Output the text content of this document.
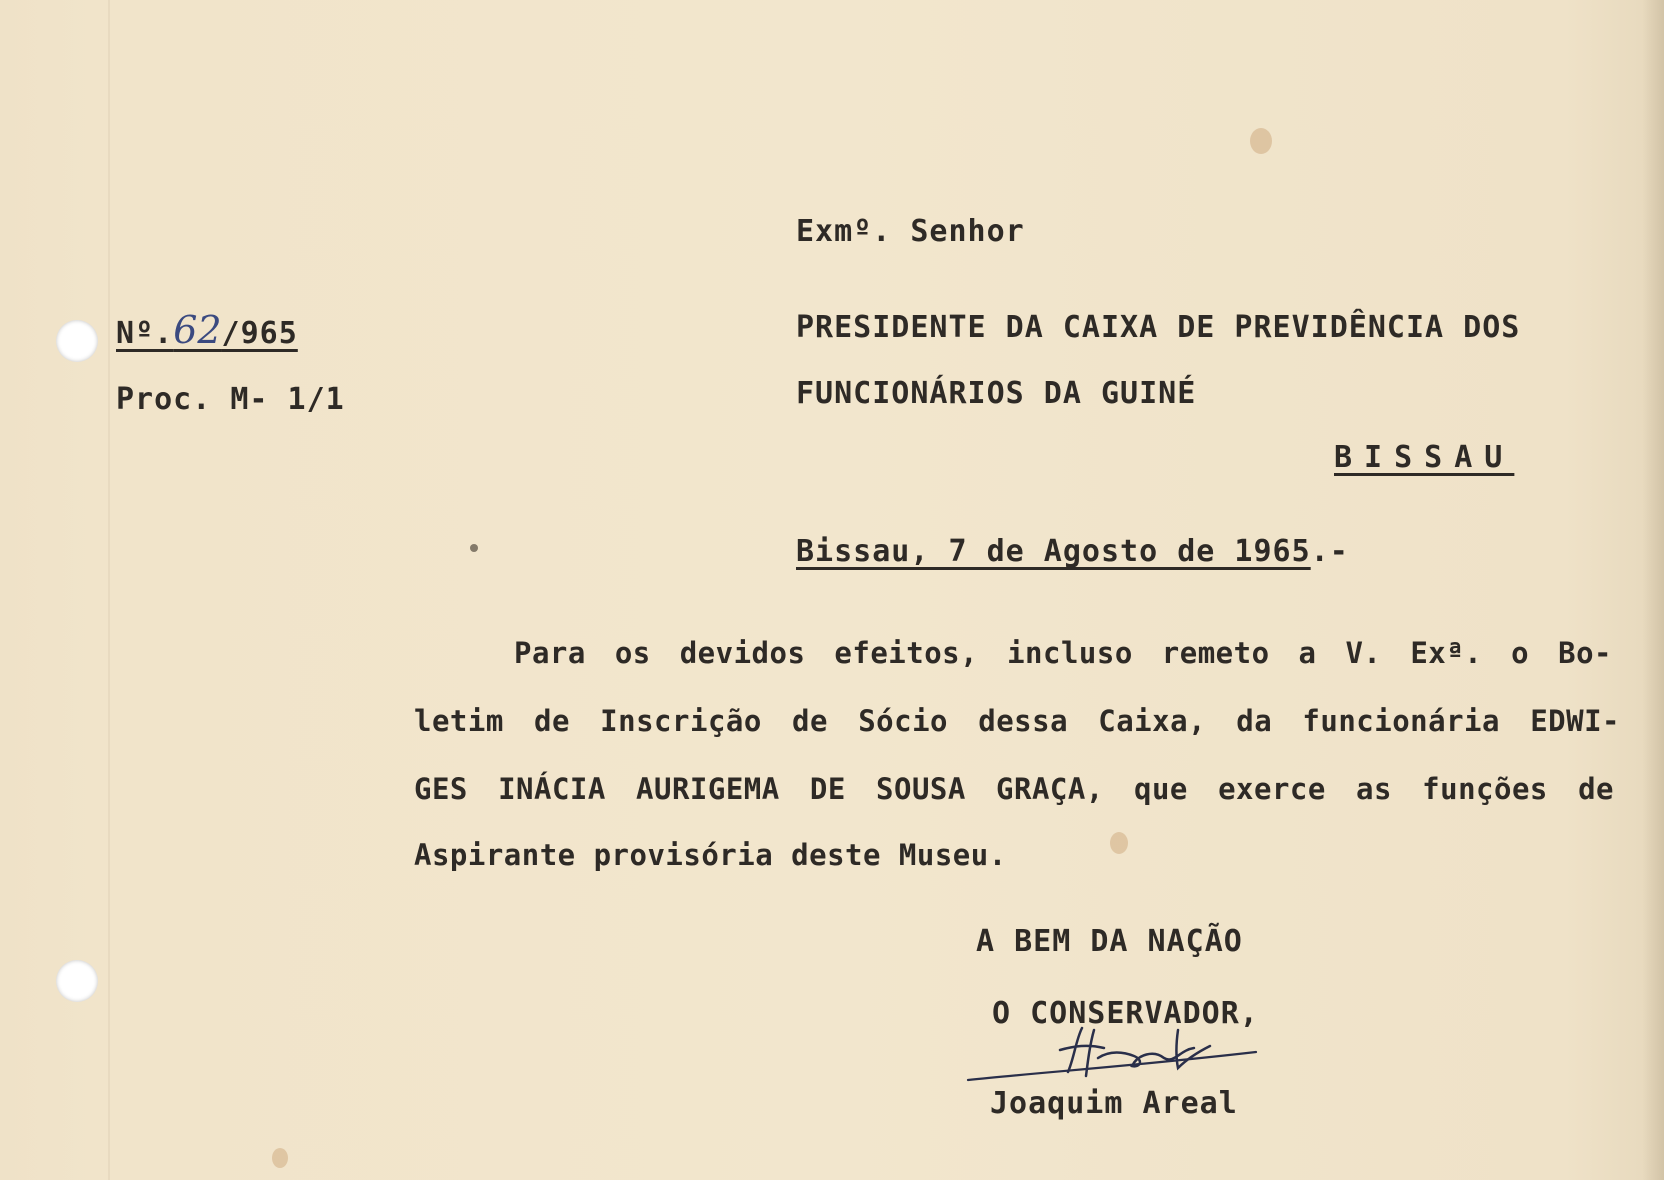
Nº.62/965
Proc. M- 1/1
Exmº. Senhor
PRESIDENTE DA CAIXA DE PREVIDÊNCIA DOS
FUNCIONÁRIOS DA GUINÉ
BISSAU
Bissau, 7 de Agosto de 1965.-
Para os devidos efeitos, incluso remeto a V. Exª. o Bo-
letim de Inscrição de Sócio dessa Caixa, da funcionária EDWI-
GES INÁCIA AURIGEMA DE SOUSA GRAÇA, que exerce as funções de
Aspirante provisória deste Museu.
A BEM DA NAÇÃO
O CONSERVADOR,
Joaquim Areal
